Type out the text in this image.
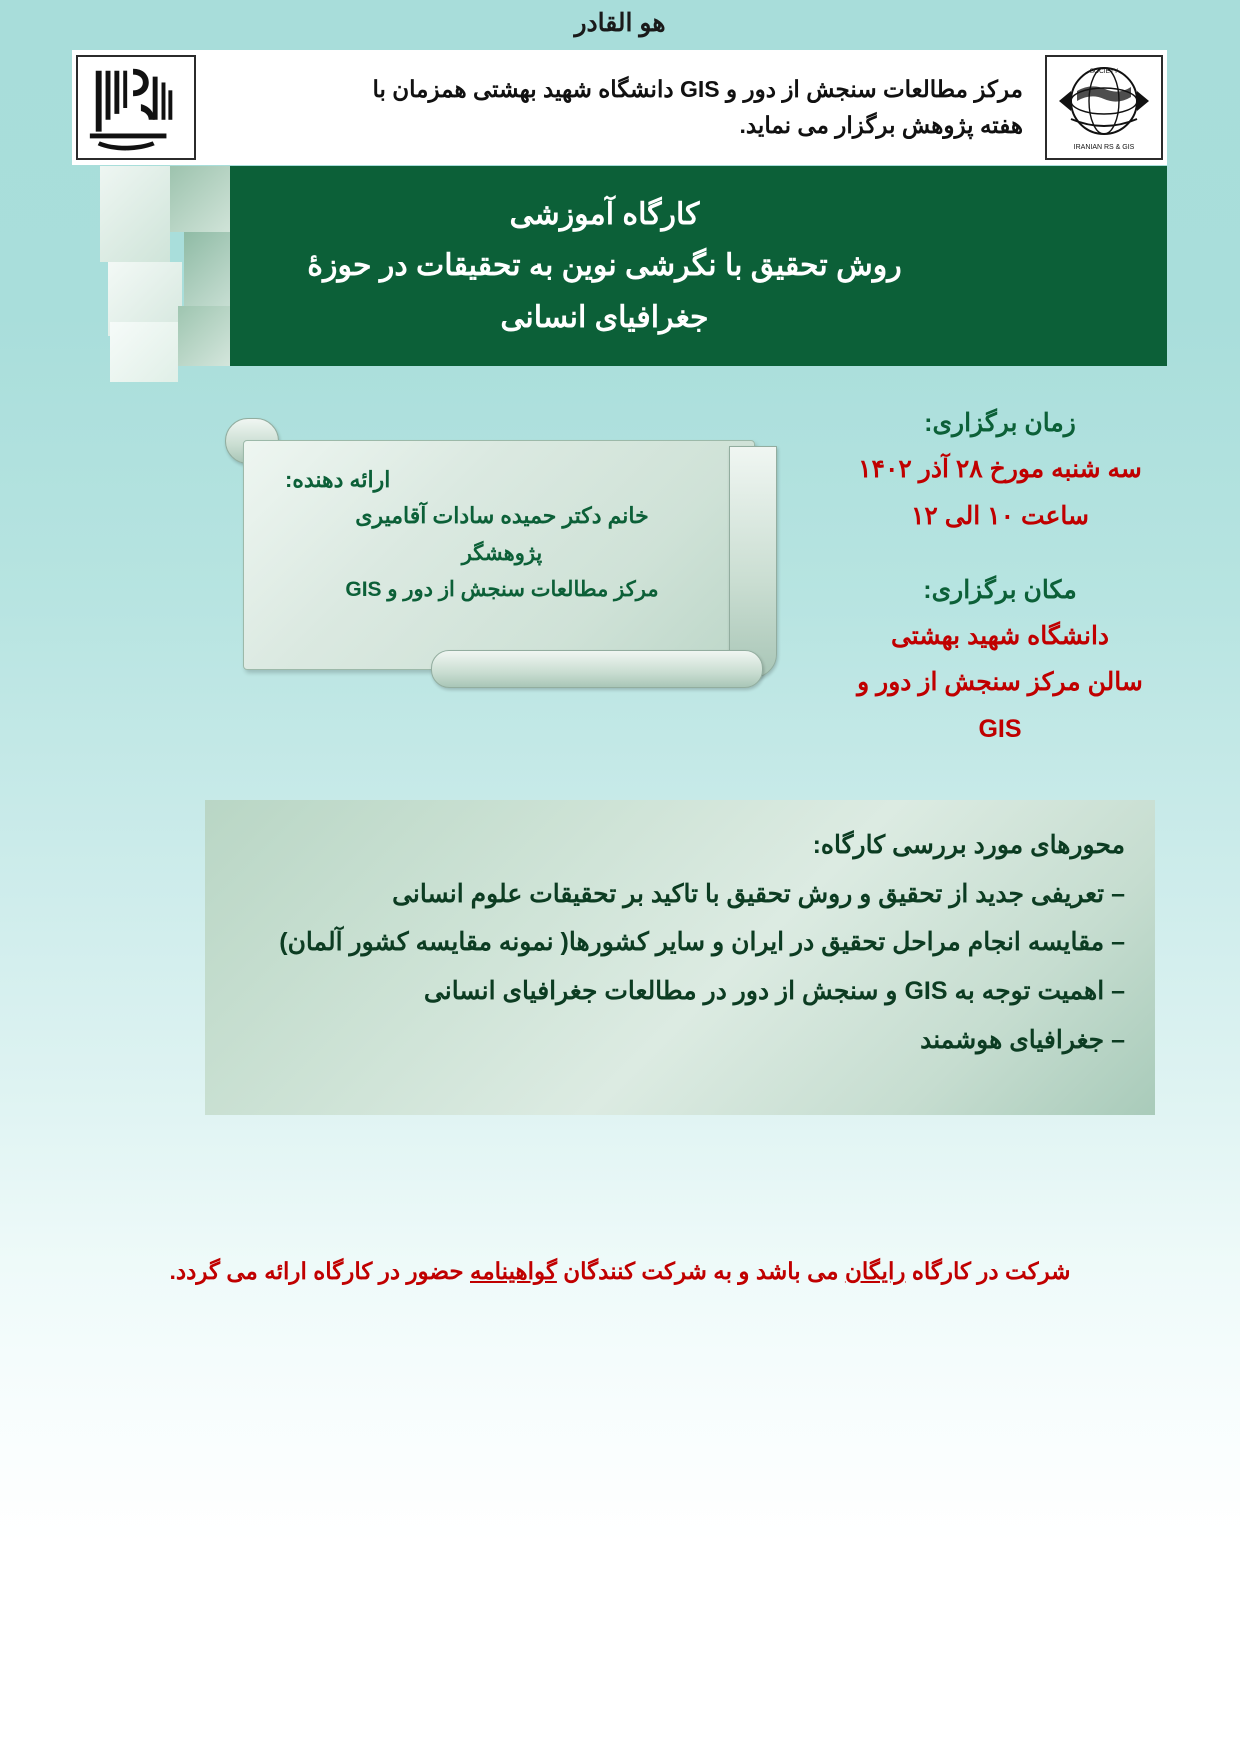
هو القادر
مرکز مطالعات سنجش از دور و GIS دانشگاه شهید بهشتی همزمان با
هفته پژوهش برگزار می نماید.
IRANIAN RS & GIS
SOCIETY
کارگاه آموزشی
روش تحقیق با نگرشی نوین به تحقیقات در حوزهٔ
جغرافیای انسانی
زمان برگزاری:
سه شنبه مورخ ۲۸ آذر ۱۴۰۲
ساعت ۱۰ الی ۱۲
مکان برگزاری:
دانشگاه شهید بهشتی
سالن مرکز سنجش از دور و GIS
ارائه دهنده:
خانم دکتر حمیده سادات آقامیری
پژوهشگر
مرکز مطالعات سنجش از دور و GIS
محورهای مورد بررسی کارگاه:
– تعریفی جدید از تحقیق و روش تحقیق با تاکید بر تحقیقات علوم انسانی
– مقایسه انجام مراحل تحقیق در ایران و سایر کشورها( نمونه مقایسه کشور آلمان)
– اهمیت توجه به GIS و سنجش از دور در مطالعات جغرافیای انسانی
– جغرافیای هوشمند
شرکت در کارگاه رایگان می باشد و به شرکت کنندگان گواهینامه حضور در کارگاه ارائه می گردد.
